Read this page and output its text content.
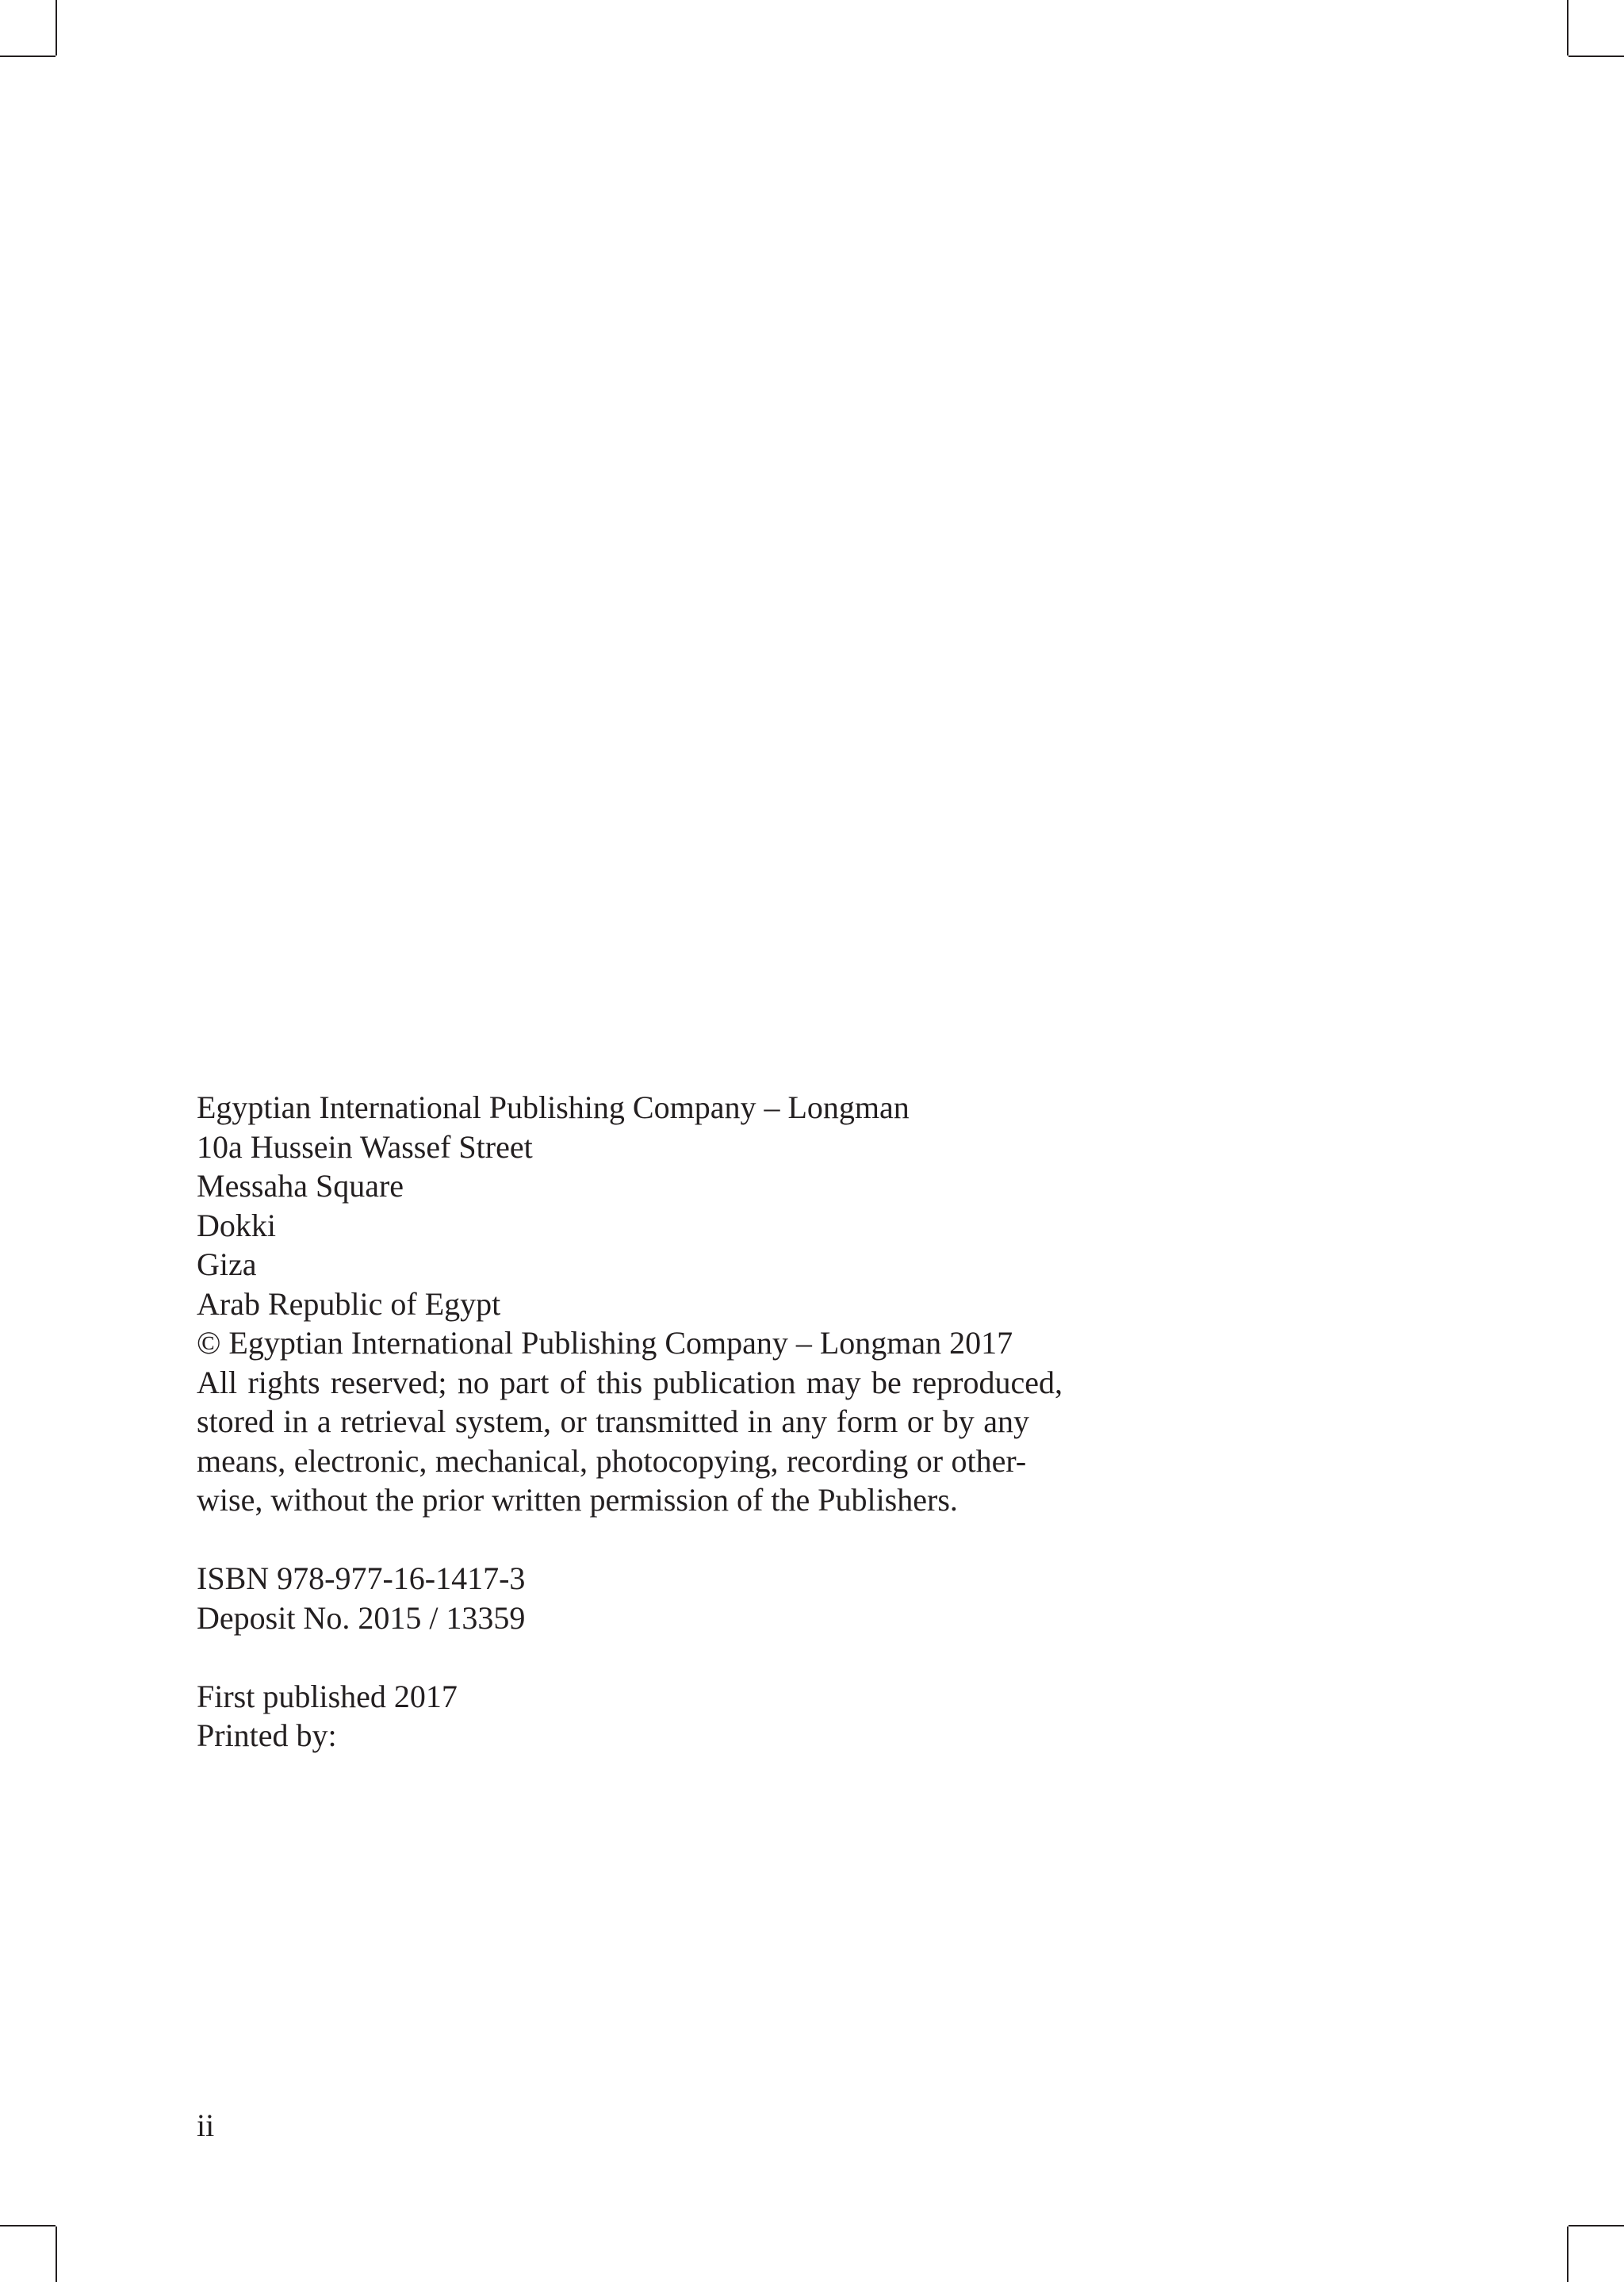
Egyptian International Publishing Company – Longman
10a Hussein Wassef Street
Messaha Square
Dokki
Giza
Arab Republic of Egypt
© Egyptian International Publishing Company – Longman 2017
All rights reserved; no part of this publication may be reproduced,
stored in a retrieval system, or transmitted in any form or by any
means, electronic, mechanical, photocopying, recording or other-
wise, without the prior written permission of the Publishers.
ISBN 978-977-16-1417-3
Deposit No. 2015 / 13359
First published 2017
Printed by:
ii
